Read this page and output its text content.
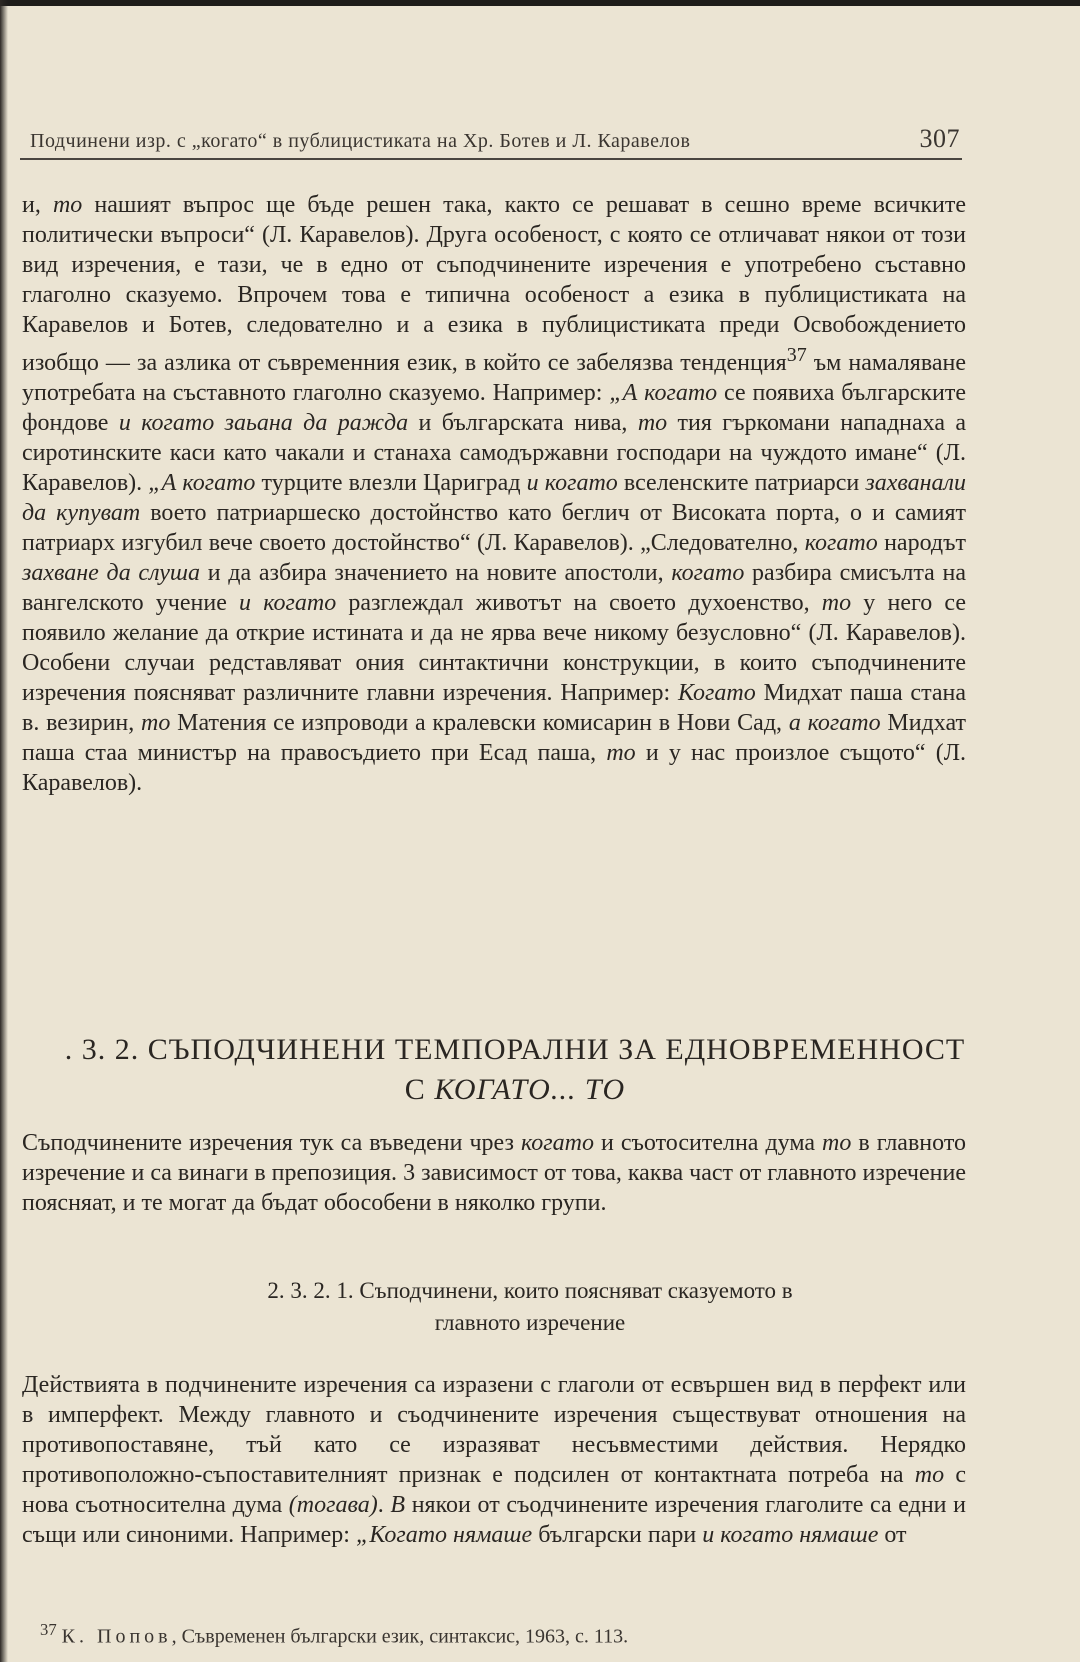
Подчинени изр. с „когато“ в публицистиката на Хр. Ботев и Л. Каравелов	307

и, то нашият въпрос ще бъде решен така, както се решават в сешно време всичките политически въпроси“ (Л. Каравелов). Друга особеност, с която се отличават някои от този вид изречения, е тази, че в едно от съподчинените изречения е употребено съставно глаголно сказуемо. Впрочем това е типична особеност а езика в публицистиката на Каравелов и Ботев, следователно и а езика в публицистиката преди Освобождението изобщо — за азлика от съвременния език, в който се забелязва тенденция$^{37}$ ъм намаляване употребата на съставното глаголно сказуемо. Например: „А когато се появиха българските фондове и когато заьана да ражда и българската нива, то тия гъркомани нападнаха а сиротинските каси като чакали и станаха самодържавни господари на чуждото имане“ (Л. Каравелов). „А когато турците влезли Цариград и когато вселенските патриарси захванали да купуват воето патриаршеско достойнство като беглич от Високата порта, о и самият патриарх изгубил вече своето достойнство“ (Л. Каравелов). „Следователно, когато народът захване да слуша и да азбира значението на новите апостоли, когато разбира смисълта на вангелското учение и когато разглеждал животът на своето духоенство, то у него се появило желание да открие истината и да не ярва вече никому безусловно“ (Л. Каравелов). Особени случаи редставляват ония синтактични конструкции, в които съподчинените изречения поясняват различните главни изречения. Например: Когато Мидхат паша стана в. везирин, то Матения се изпроводи а кралевски комисарин в Нови Сад, а когато Мидхат паша стаа министър на правосъдието при Есад паша, то и у нас произлое същото“ (Л. Каравелов).

. 3. 2. СЪПОДЧИНЕНИ ТЕМПОРАЛНИ ЗА ЕДНОВРЕМЕННОСТ
С КОГАТО... ТО

Съподчинените изречения тук са въведени чрез когато и съотосителна дума то в главното изречение и са винаги в препозиция. 3 зависимост от това, каква част от главното изречение поясняат, и те могат да бъдат обособени в няколко групи.

2. 3. 2. 1. Съподчинени, които поясняват сказуемото в
главното изречение

Действията в подчинените изречения са изразени с глаголи от есвършен вид в перфект или в имперфект. Между главното и съодчинените изречения съществуват отношения на противопоставяне, тъй като се изразяват несъвместими действия. Нерядко противоположно-съпоставителният признак е подсилен от контактната потреба на то с нова съотносителна дума (тогава). В някои от съодчинените изречения глаголите са едни и същи или синоними. Например: „Когато нямаше български пари и когато нямаше от

$^{37}$ К. Попов, Съвременен български език, синтаксис, 1963, с. 113.
